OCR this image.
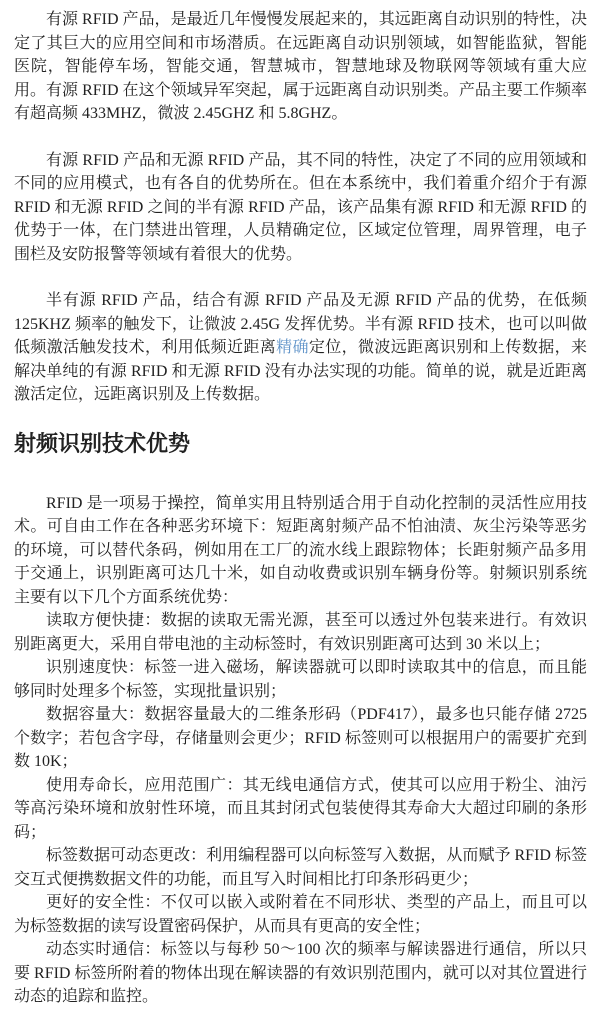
有源 RFID 产品，是最近几年慢慢发展起来的，其远距离自动识别的特性，决定了其巨大的应用空间和市场潜质。在远距离自动识别领域，如智能监狱，智能医院，智能停车场，智能交通，智慧城市，智慧地球及物联网等领域有重大应用。有源 RFID 在这个领域异军突起，属于远距离自动识别类。产品主要工作频率有超高频 433MHZ，微波 2.45GHZ 和 5.8GHZ。

有源 RFID 产品和无源 RFID 产品，其不同的特性，决定了不同的应用领域和不同的应用模式，也有各自的优势所在。但在本系统中，我们着重介绍介于有源 RFID 和无源 RFID 之间的半有源 RFID 产品，该产品集有源 RFID 和无源 RFID 的优势于一体，在门禁进出管理，人员精确定位，区域定位管理，周界管理，电子围栏及安防报警等领域有着很大的优势。

半有源 RFID 产品，结合有源 RFID 产品及无源 RFID 产品的优势，在低频 125KHZ 频率的触发下，让微波 2.45G 发挥优势。半有源 RFID 技术，也可以叫做低频激活触发技术，利用低频近距离精确定位，微波远距离识别和上传数据，来解决单纯的有源 RFID 和无源 RFID 没有办法实现的功能。简单的说，就是近距离激活定位，远距离识别及上传数据。

射频识别技术优势

RFID 是一项易于操控，简单实用且特别适合用于自动化控制的灵活性应用技术。可自由工作在各种恶劣环境下：短距离射频产品不怕油渍、灰尘污染等恶劣的环境，可以替代条码，例如用在工厂的流水线上跟踪物体；长距射频产品多用于交通上，识别距离可达几十米，如自动收费或识别车辆身份等。射频识别系统主要有以下几个方面系统优势：

读取方便快捷：数据的读取无需光源，甚至可以透过外包装来进行。有效识别距离更大，采用自带电池的主动标签时，有效识别距离可达到 30 米以上；

识别速度快：标签一进入磁场，解读器就可以即时读取其中的信息，而且能够同时处理多个标签，实现批量识别；

数据容量大：数据容量最大的二维条形码（PDF417），最多也只能存储 2725 个数字；若包含字母，存储量则会更少；RFID 标签则可以根据用户的需要扩充到数 10K；

使用寿命长，应用范围广：其无线电通信方式，使其可以应用于粉尘、油污等高污染环境和放射性环境，而且其封闭式包装使得其寿命大大超过印刷的条形码；

标签数据可动态更改：利用编程器可以向标签写入数据，从而赋予 RFID 标签交互式便携数据文件的功能，而且写入时间相比打印条形码更少；

更好的安全性：不仅可以嵌入或附着在不同形状、类型的产品上，而且可以为标签数据的读写设置密码保护，从而具有更高的安全性；

动态实时通信：标签以与每秒 50～100 次的频率与解读器进行通信，所以只要 RFID 标签所附着的物体出现在解读器的有效识别范围内，就可以对其位置进行动态的追踪和监控。
